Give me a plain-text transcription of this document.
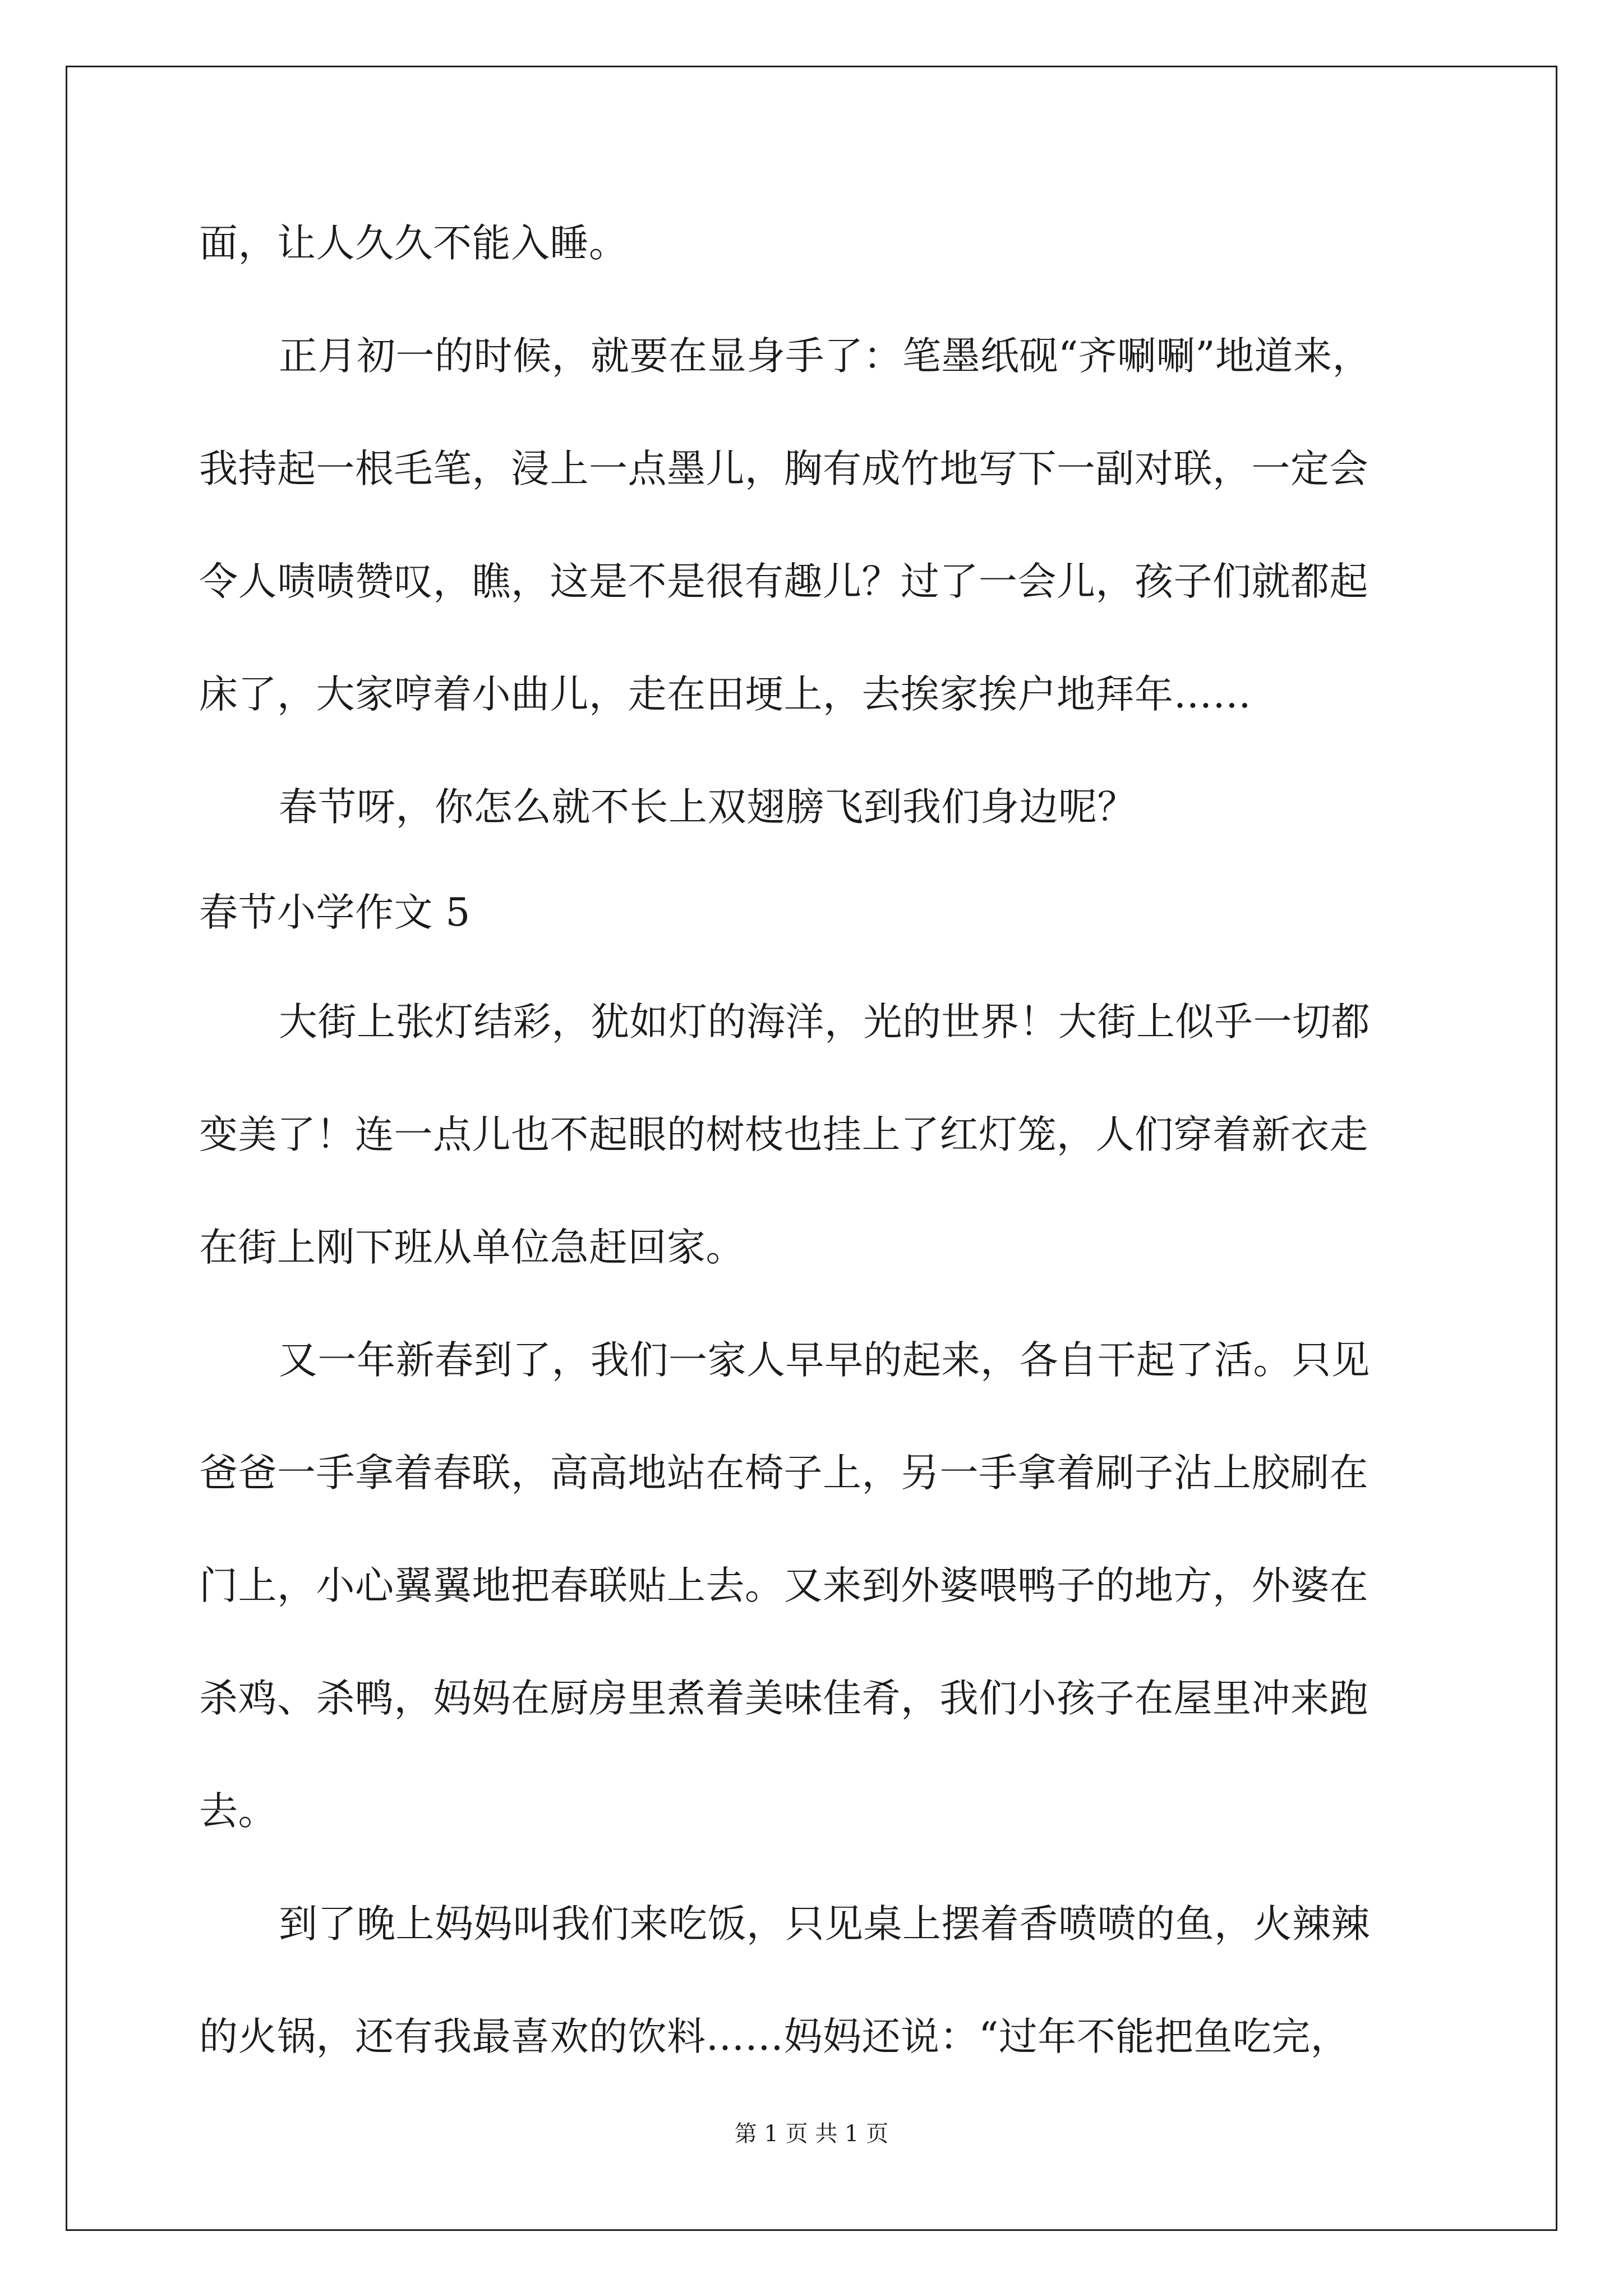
面，让人久久不能入睡。
正月初一的时候，就要在显身手了：笔墨纸砚“齐唰唰”地道来，
我持起一根毛笔，浸上一点墨儿，胸有成竹地写下一副对联，一定会
令人啧啧赞叹，瞧，这是不是很有趣儿？过了一会儿，孩子们就都起
床了，大家哼着小曲儿，走在田埂上，去挨家挨户地拜年……
春节呀，你怎么就不长上双翅膀飞到我们身边呢？
春节小学作文 5
大街上张灯结彩，犹如灯的海洋，光的世界！大街上似乎一切都
变美了！连一点儿也不起眼的树枝也挂上了红灯笼，人们穿着新衣走
在街上刚下班从单位急赶回家。
又一年新春到了，我们一家人早早的起来，各自干起了活。只见
爸爸一手拿着春联，高高地站在椅子上，另一手拿着刷子沾上胶刷在
门上，小心翼翼地把春联贴上去。又来到外婆喂鸭子的地方，外婆在
杀鸡、杀鸭，妈妈在厨房里煮着美味佳肴，我们小孩子在屋里冲来跑
去。
到了晚上妈妈叫我们来吃饭，只见桌上摆着香喷喷的鱼，火辣辣
的火锅，还有我最喜欢的饮料……妈妈还说：“过年不能把鱼吃完，
第 1 页 共 1 页
